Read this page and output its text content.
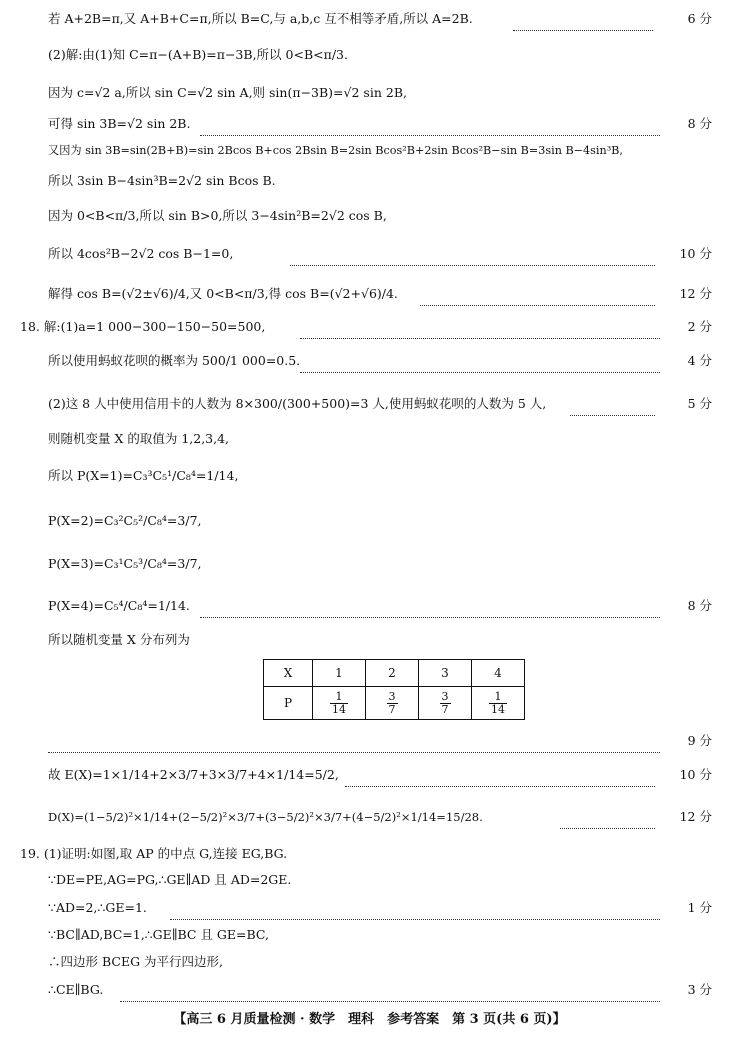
若 A+2B=π,又 A+B+C=π,所以 B=C,与 a,b,c 互不相等矛盾,所以 A=2B.	6 分
(2)解:由(1)知 C=π−(A+B)=π−3B,所以 0<B<π/3.
因为 c=√2 a,所以 sin C=√2 sin A,则 sin(π−3B)=√2 sin 2B,
可得 sin 3B=√2 sin 2B.	8 分
又因为 sin 3B=sin(2B+B)=sin 2Bcos B+cos 2Bsin B=2sin Bcos²B+2sin Bcos²B−sin B=3sin B−4sin³B,
所以 3sin B−4sin³B=2√2 sin Bcos B.
因为 0<B<π/3,所以 sin B>0,所以 3−4sin²B=2√2 cos B,
所以 4cos²B−2√2 cos B−1=0,	10 分
解得 cos B=(√2±√6)/4,又 0<B<π/3,得 cos B=(√2+√6)/4.	12 分
18. 解:(1)a=1 000−300−150−50=500,	2 分
所以使用蚂蚁花呗的概率为 500/1 000=0.5.	4 分
(2)这 8 人中使用信用卡的人数为 8×300/(300+500)=3 人,使用蚂蚁花呗的人数为 5 人,	5 分
则随机变量 X 的取值为 1,2,3,4,
所以 P(X=1)=C₃³C₅¹/C₈⁴=1/14,
P(X=2)=C₃²C₅²/C₈⁴=3/7,
P(X=3)=C₃¹C₅³/C₈⁴=3/7,
P(X=4)=C₅⁴/C₈⁴=1/14.	8 分
所以随机变量 X 分布列为
X	1	2	3	4
P	$\frac{1}{14}$	$\frac{3}{7}$	$\frac{3}{7}$	$\frac{1}{14}$
9 分
故 E(X)=1×1/14+2×3/7+3×3/7+4×1/14=5/2,	10 分
D(X)=(1−5/2)²×1/14+(2−5/2)²×3/7+(3−5/2)²×3/7+(4−5/2)²×1/14=15/28.	12 分
19. (1)证明:如图,取 AP 的中点 G,连接 EG,BG.
∵DE=PE,AG=PG,∴GE∥AD 且 AD=2GE.
∵AD=2,∴GE=1.	1 分
∵BC∥AD,BC=1,∴GE∥BC 且 GE=BC,
∴四边形 BCEG 为平行四边形,
∴CE∥BG.	3 分
【高三 6 月质量检测 · 数学　理科　参考答案　第 3 页(共 6 页)】
